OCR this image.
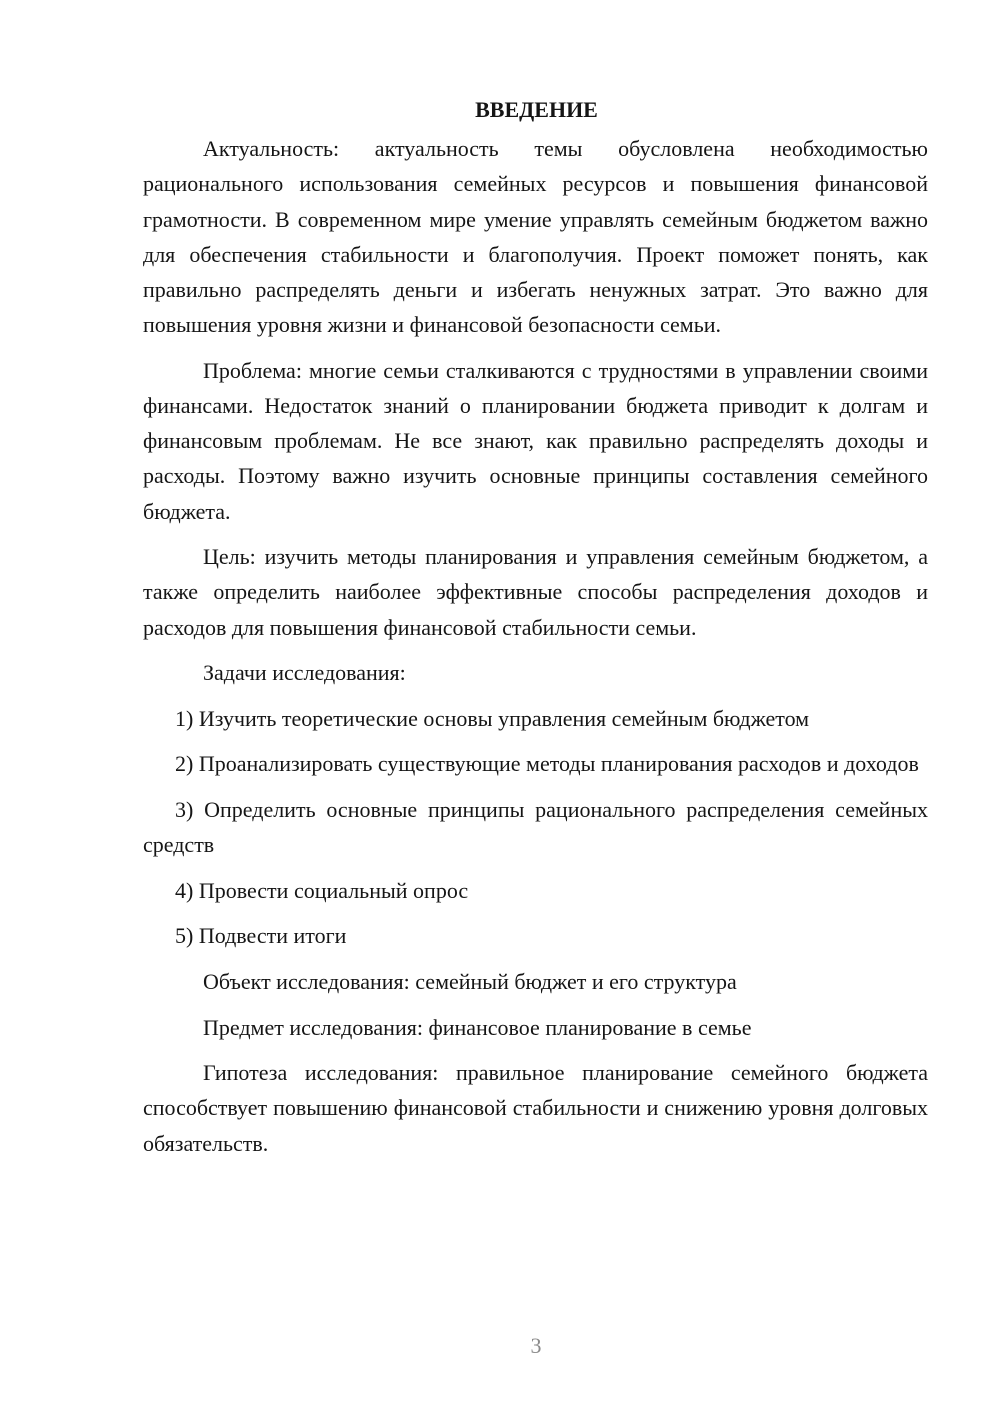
ВВЕДЕНИЕ

Актуальность: актуальность темы обусловлена необходимостью рационального использования семейных ресурсов и повышения финансовой грамотности. В современном мире умение управлять семейным бюджетом важно для обеспечения стабильности и благополучия. Проект поможет понять, как правильно распределять деньги и избегать ненужных затрат. Это важно для повышения уровня жизни и финансовой безопасности семьи.

Проблема: многие семьи сталкиваются с трудностями в управлении своими финансами. Недостаток знаний о планировании бюджета приводит к долгам и финансовым проблемам. Не все знают, как правильно распределять доходы и расходы. Поэтому важно изучить основные принципы составления семейного бюджета.

Цель: изучить методы планирования и управления семейным бюджетом, а также определить наиболее эффективные способы распределения доходов и расходов для повышения финансовой стабильности семьи.

Задачи исследования:

1) Изучить теоретические основы управления семейным бюджетом

2) Проанализировать существующие методы планирования расходов и доходов

3) Определить основные принципы рационального распределения семейных средств

4) Провести социальный опрос

5) Подвести итоги

Объект исследования: семейный бюджет и его структура

Предмет исследования: финансовое планирование в семье

Гипотеза исследования: правильное планирование семейного бюджета способствует повышению финансовой стабильности и снижению уровня долговых обязательств.

3
